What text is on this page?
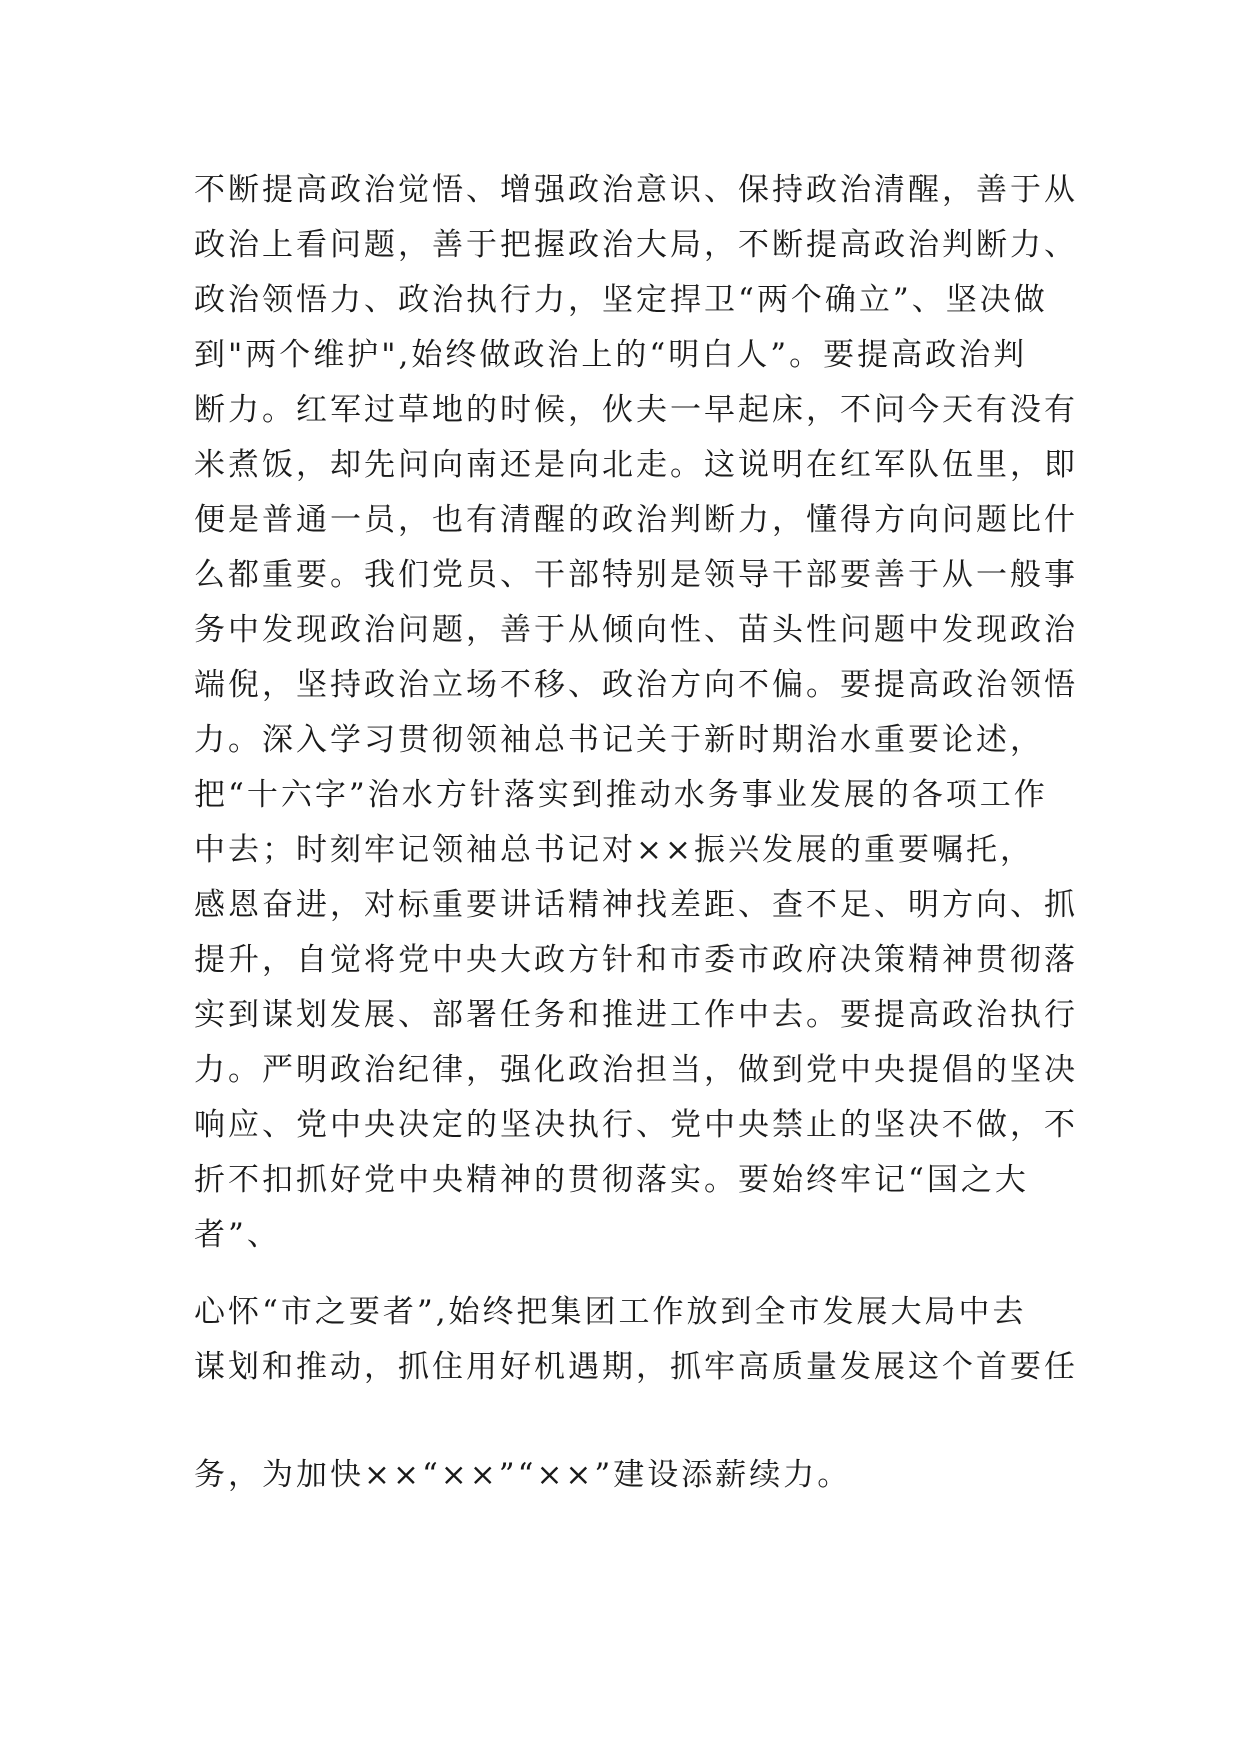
不断提高政治觉悟、增强政治意识、保持政治清醒，善于从

政治上看问题，善于把握政治大局，不断提高政治判断力、

政治领悟力、政治执行力，坚定捍卫“两个确立”、坚决做

到"两个维护",始终做政治上的“明白人”。要提高政治判

断力。红军过草地的时候，伙夫一早起床，不问今天有没有

米煮饭，却先问向南还是向北走。这说明在红军队伍里，即

便是普通一员，也有清醒的政治判断力，懂得方向问题比什

么都重要。我们党员、干部特别是领导干部要善于从一般事

务中发现政治问题，善于从倾向性、苗头性问题中发现政治

端倪，坚持政治立场不移、政治方向不偏。要提高政治领悟

力。深入学习贯彻领袖总书记关于新时期治水重要论述，

把“十六字”治水方针落实到推动水务事业发展的各项工作

中去；时刻牢记领袖总书记对××振兴发展的重要嘱托，

感恩奋进，对标重要讲话精神找差距、查不足、明方向、抓

提升，自觉将党中央大政方针和市委市政府决策精神贯彻落

实到谋划发展、部署任务和推进工作中去。要提高政治执行

力。严明政治纪律，强化政治担当，做到党中央提倡的坚决

响应、党中央决定的坚决执行、党中央禁止的坚决不做，不

折不扣抓好党中央精神的贯彻落实。要始终牢记“国之大

者”、

心怀“市之要者”,始终把集团工作放到全市发展大局中去

谋划和推动，抓住用好机遇期，抓牢高质量发展这个首要任

务，为加快××“××”“××”建设添薪续力。
